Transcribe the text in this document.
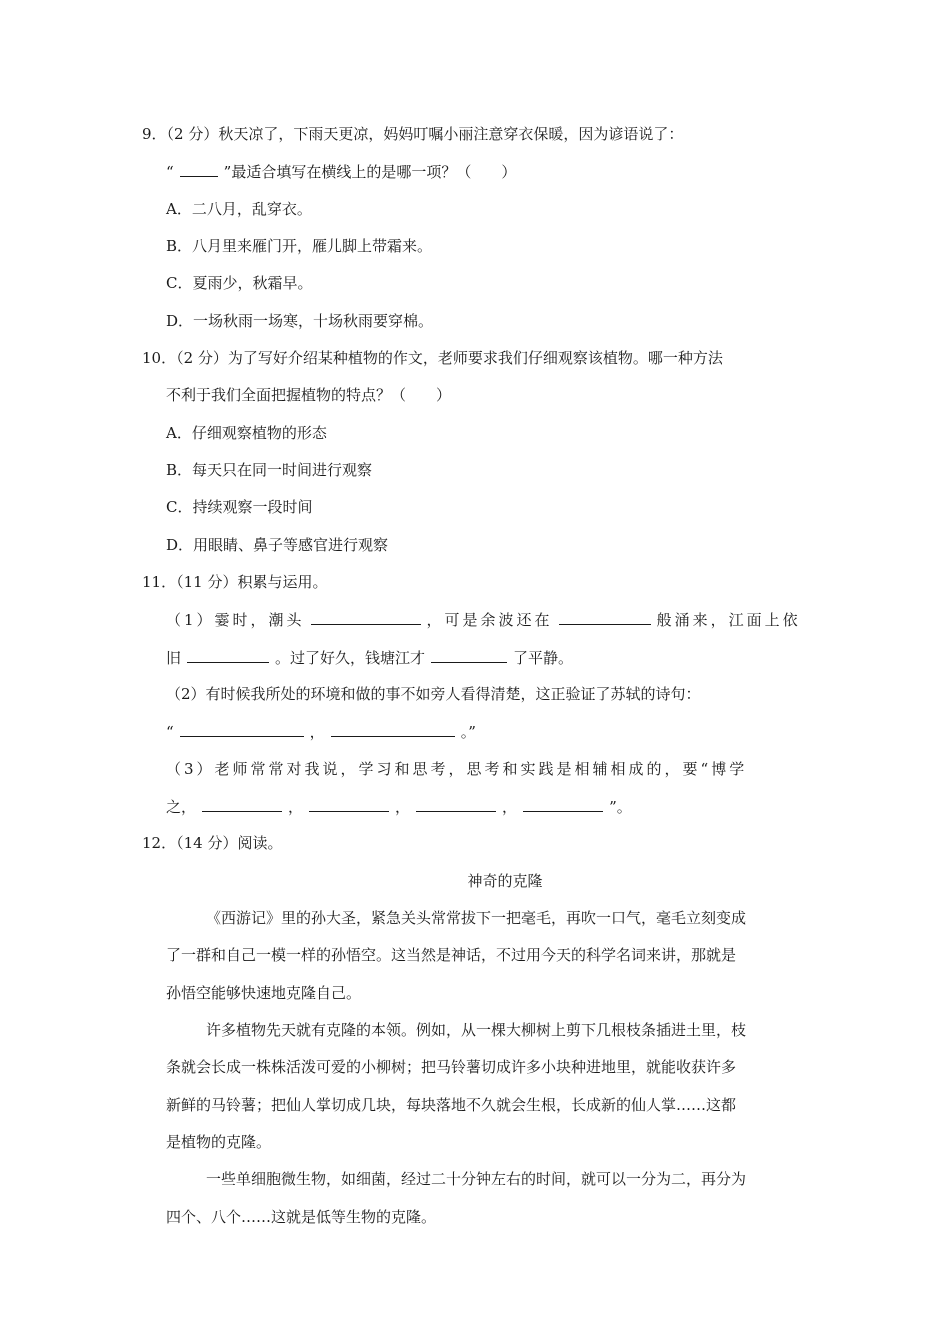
9．（2 分）秋天凉了，下雨天更凉，妈妈叮嘱小丽注意穿衣保暖，因为谚语说了：
“	”最适合填写在横线上的是哪一项？（　　）
A．二八月，乱穿衣。
B．八月里来雁门开，雁儿脚上带霜来。
C．夏雨少，秋霜早。
D．一场秋雨一场寒，十场秋雨要穿棉。
10．（2 分）为了写好介绍某种植物的作文，老师要求我们仔细观察该植物。哪一种方法
不利于我们全面把握植物的特点？（　　）
A．仔细观察植物的形态
B．每天只在同一时间进行观察
C．持续观察一段时间
D．用眼睛、鼻子等感官进行观察
11．（11 分）积累与运用。
（1）霎时，潮头	，可是余波还在	般涌来，江面上依
旧	。过了好久，钱塘江才	了平静。
（2）有时候我所处的环境和做的事不如旁人看得清楚，这正验证了苏轼的诗句：
“	，	。”
（3）老师常常对我说，学习和思考，思考和实践是相辅相成的，要“博学
之，	，	，	，	”。
12．（14 分）阅读。
神奇的克隆
《西游记》里的孙大圣，紧急关头常常拔下一把毫毛，再吹一口气，毫毛立刻变成
了一群和自己一模一样的孙悟空。这当然是神话，不过用今天的科学名词来讲，那就是
孙悟空能够快速地克隆自己。
许多植物先天就有克隆的本领。例如，从一棵大柳树上剪下几根枝条插进土里，枝
条就会长成一株株活泼可爱的小柳树；把马铃薯切成许多小块种进地里，就能收获许多
新鲜的马铃薯；把仙人掌切成几块，每块落地不久就会生根，长成新的仙人掌……这都
是植物的克隆。
一些单细胞微生物，如细菌，经过二十分钟左右的时间，就可以一分为二，再分为
四个、八个……这就是低等生物的克隆。
